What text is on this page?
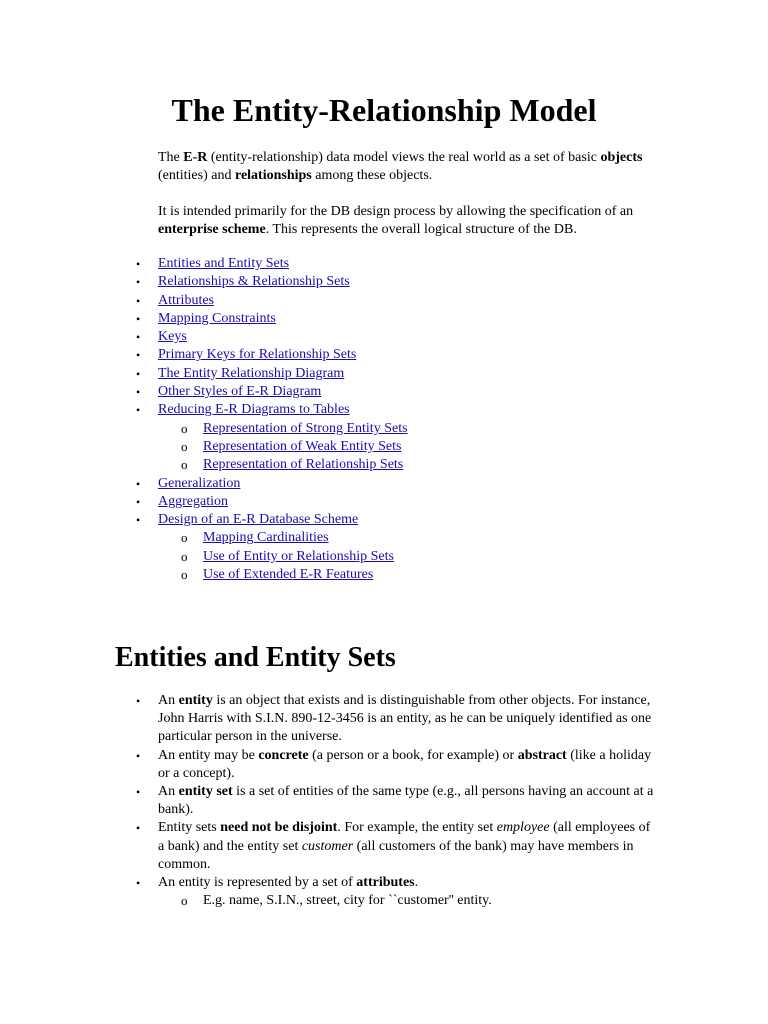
The Entity-Relationship Model

The E-R (entity-relationship) data model views the real world as a set of basic objects (entities) and relationships among these objects.

It is intended primarily for the DB design process by allowing the specification of an enterprise scheme. This represents the overall logical structure of the DB.

• Entities and Entity Sets
• Relationships & Relationship Sets
• Attributes
• Mapping Constraints
• Keys
• Primary Keys for Relationship Sets
• The Entity Relationship Diagram
• Other Styles of E-R Diagram
• Reducing E-R Diagrams to Tables
o Representation of Strong Entity Sets
o Representation of Weak Entity Sets
o Representation of Relationship Sets
• Generalization
• Aggregation
• Design of an E-R Database Scheme
o Mapping Cardinalities
o Use of Entity or Relationship Sets
o Use of Extended E-R Features
Entities and Entity Sets
• An entity is an object that exists and is distinguishable from other objects. For instance, John Harris with S.I.N. 890-12-3456 is an entity, as he can be uniquely identified as one particular person in the universe.
• An entity may be concrete (a person or a book, for example) or abstract (like a holiday or a concept).
• An entity set is a set of entities of the same type (e.g., all persons having an account at a bank).
• Entity sets need not be disjoint. For example, the entity set employee (all employees of a bank) and the entity set customer (all customers of the bank) may have members in common.
• An entity is represented by a set of attributes.
o E.g. name, S.I.N., street, city for ``customer'' entity.
